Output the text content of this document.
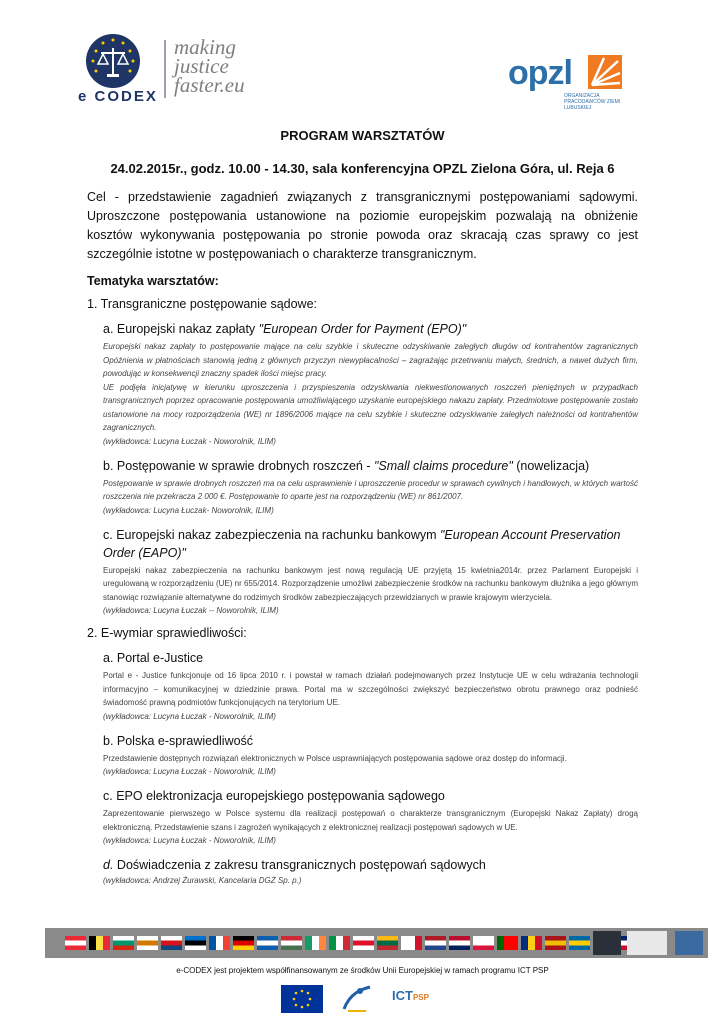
e CODEX
making
justice
faster.eu	opzl
ORGANIZACJA PRACODAWCÓW ZIEMI LUBUSKIEJ
PROGRAM WARSZTATÓW
24.02.2015r., godz. 10.00 - 14.30, sala konferencyjna OPZL Zielona Góra, ul. Reja 6

Cel - przedstawienie zagadnień związanych z transgranicznymi postępowaniami sądowymi. Uproszczone postępowania ustanowione na poziomie europejskim pozwalają na obniżenie kosztów wykonywania postępowania po stronie powoda oraz skracają czas sprawy co jest szczególnie istotne w postępowaniach o charakterze transgranicznym.

Tematyka warsztatów:
1. Transgraniczne postępowanie sądowe:
a. Europejski nakaz zapłaty "European Order for Payment (EPO)"
Europejski nakaz zapłaty to postępowanie mające na celu szybkie i skuteczne odzyskiwanie zaległych długów od kontrahentów zagranicznych Opóźnienia w płatnościach stanowią jedną z głównych przyczyn niewypłacalności – zagrażając przetrwaniu małych, średnich, a nawet dużych firm, powodując w konsekwencji znaczny spadek ilości miejsc pracy.
UE podjęła inicjatywę w kierunku uproszczenia i przyspieszenia odzyskiwania niekwestionowanych roszczeń pieniężnych w przypadkach transgranicznych poprzez opracowanie postępowania umożliwiającego uzyskanie europejskiego nakazu zapłaty. Przedmiotowe postępowanie zostało ustanowione na mocy rozporządzenia (WE) nr 1896/2006 mające na celu szybkie i skuteczne odzyskiwanie zaległych należności od kontrahentów zagranicznych.
(wykładowca: Lucyna Łuczak - Noworolnik, ILIM)
b. Postępowanie w sprawie drobnych roszczeń - "Small claims procedure" (nowelizacja)
Postępowanie w sprawie drobnych roszczeń ma na celu usprawnienie i uproszczenie procedur w sprawach cywilnych i handlowych, w których wartość roszczenia nie przekracza 2 000 €. Postępowanie to oparte jest na rozporządzeniu (WE) nr 861/2007.
(wykładowca: Lucyna Łuczak- Noworolnik, ILIM)
c. Europejski nakaz zabezpieczenia na rachunku bankowym "European Account Preservation Order (EAPO)"
Europejski nakaz zabezpieczenia na rachunku bankowym jest nową regulacją UE przyjętą 15 kwietnia2014r. przez Parlament Europejski i uregulowaną w rozporządzeniu (UE) nr 655/2014. Rozporządzenie umożliwi zabezpieczenie środków na rachunku bankowym dłużnika a jego głównym stanowiąc rozwiązanie alternatywne do rodzimych środków zabezpieczających przewidzianych w prawie krajowym wierzyciela.
(wykładowca: Lucyna Łuczak -- Noworolnik, ILIM)
2. E-wymiar sprawiedliwości:
a. Portal e-Justice
Portal e - Justice funkcjonuje od 16 lipca 2010 r. i powstał w ramach działań podejmowanych przez Instytucje UE w celu wdrażania technologii informacyjno – komunikacyjnej w dziedzinie prawa. Portal ma w szczególności zwiększyć bezpieczeństwo obrotu prawnego oraz podnieść świadomość prawną podmiotów funkcjonujących na terytorium UE.
(wykładowca: Lucyna Łuczak - Noworolnik, ILIM)
b. Polska e-sprawiedliwość
Przedstawienie dostępnych rozwiązań elektronicznych w Polsce usprawniających postępowania sądowe oraz dostęp do informacji.
(wykładowca: Lucyna Łuczak - Noworolnik, ILIM)
c. EPO elektronizacja europejskiego postępowania sądowego
Zaprezentowanie pierwszego w Polsce systemu dla realizacji postępowań o charakterze transgranicznym (Europejski Nakaz Zapłaty) drogą elektroniczną. Przedstawienie szans i zagrożeń wynikających z elektronicznej realizacji postępowań sądowych w UE.
(wykładowca: Lucyna Łuczak - Noworolnik, ILIM)
d. Doświadczenia z zakresu transgranicznych postępowań sądowych
(wykładowca: Andrzej Żurawski, Kancelaria DGŻ Sp. p.)
e-CODEX jest projektem współfinansowanym ze środków Unii Europejskiej w ramach programu ICT PSP
ICTPSP
